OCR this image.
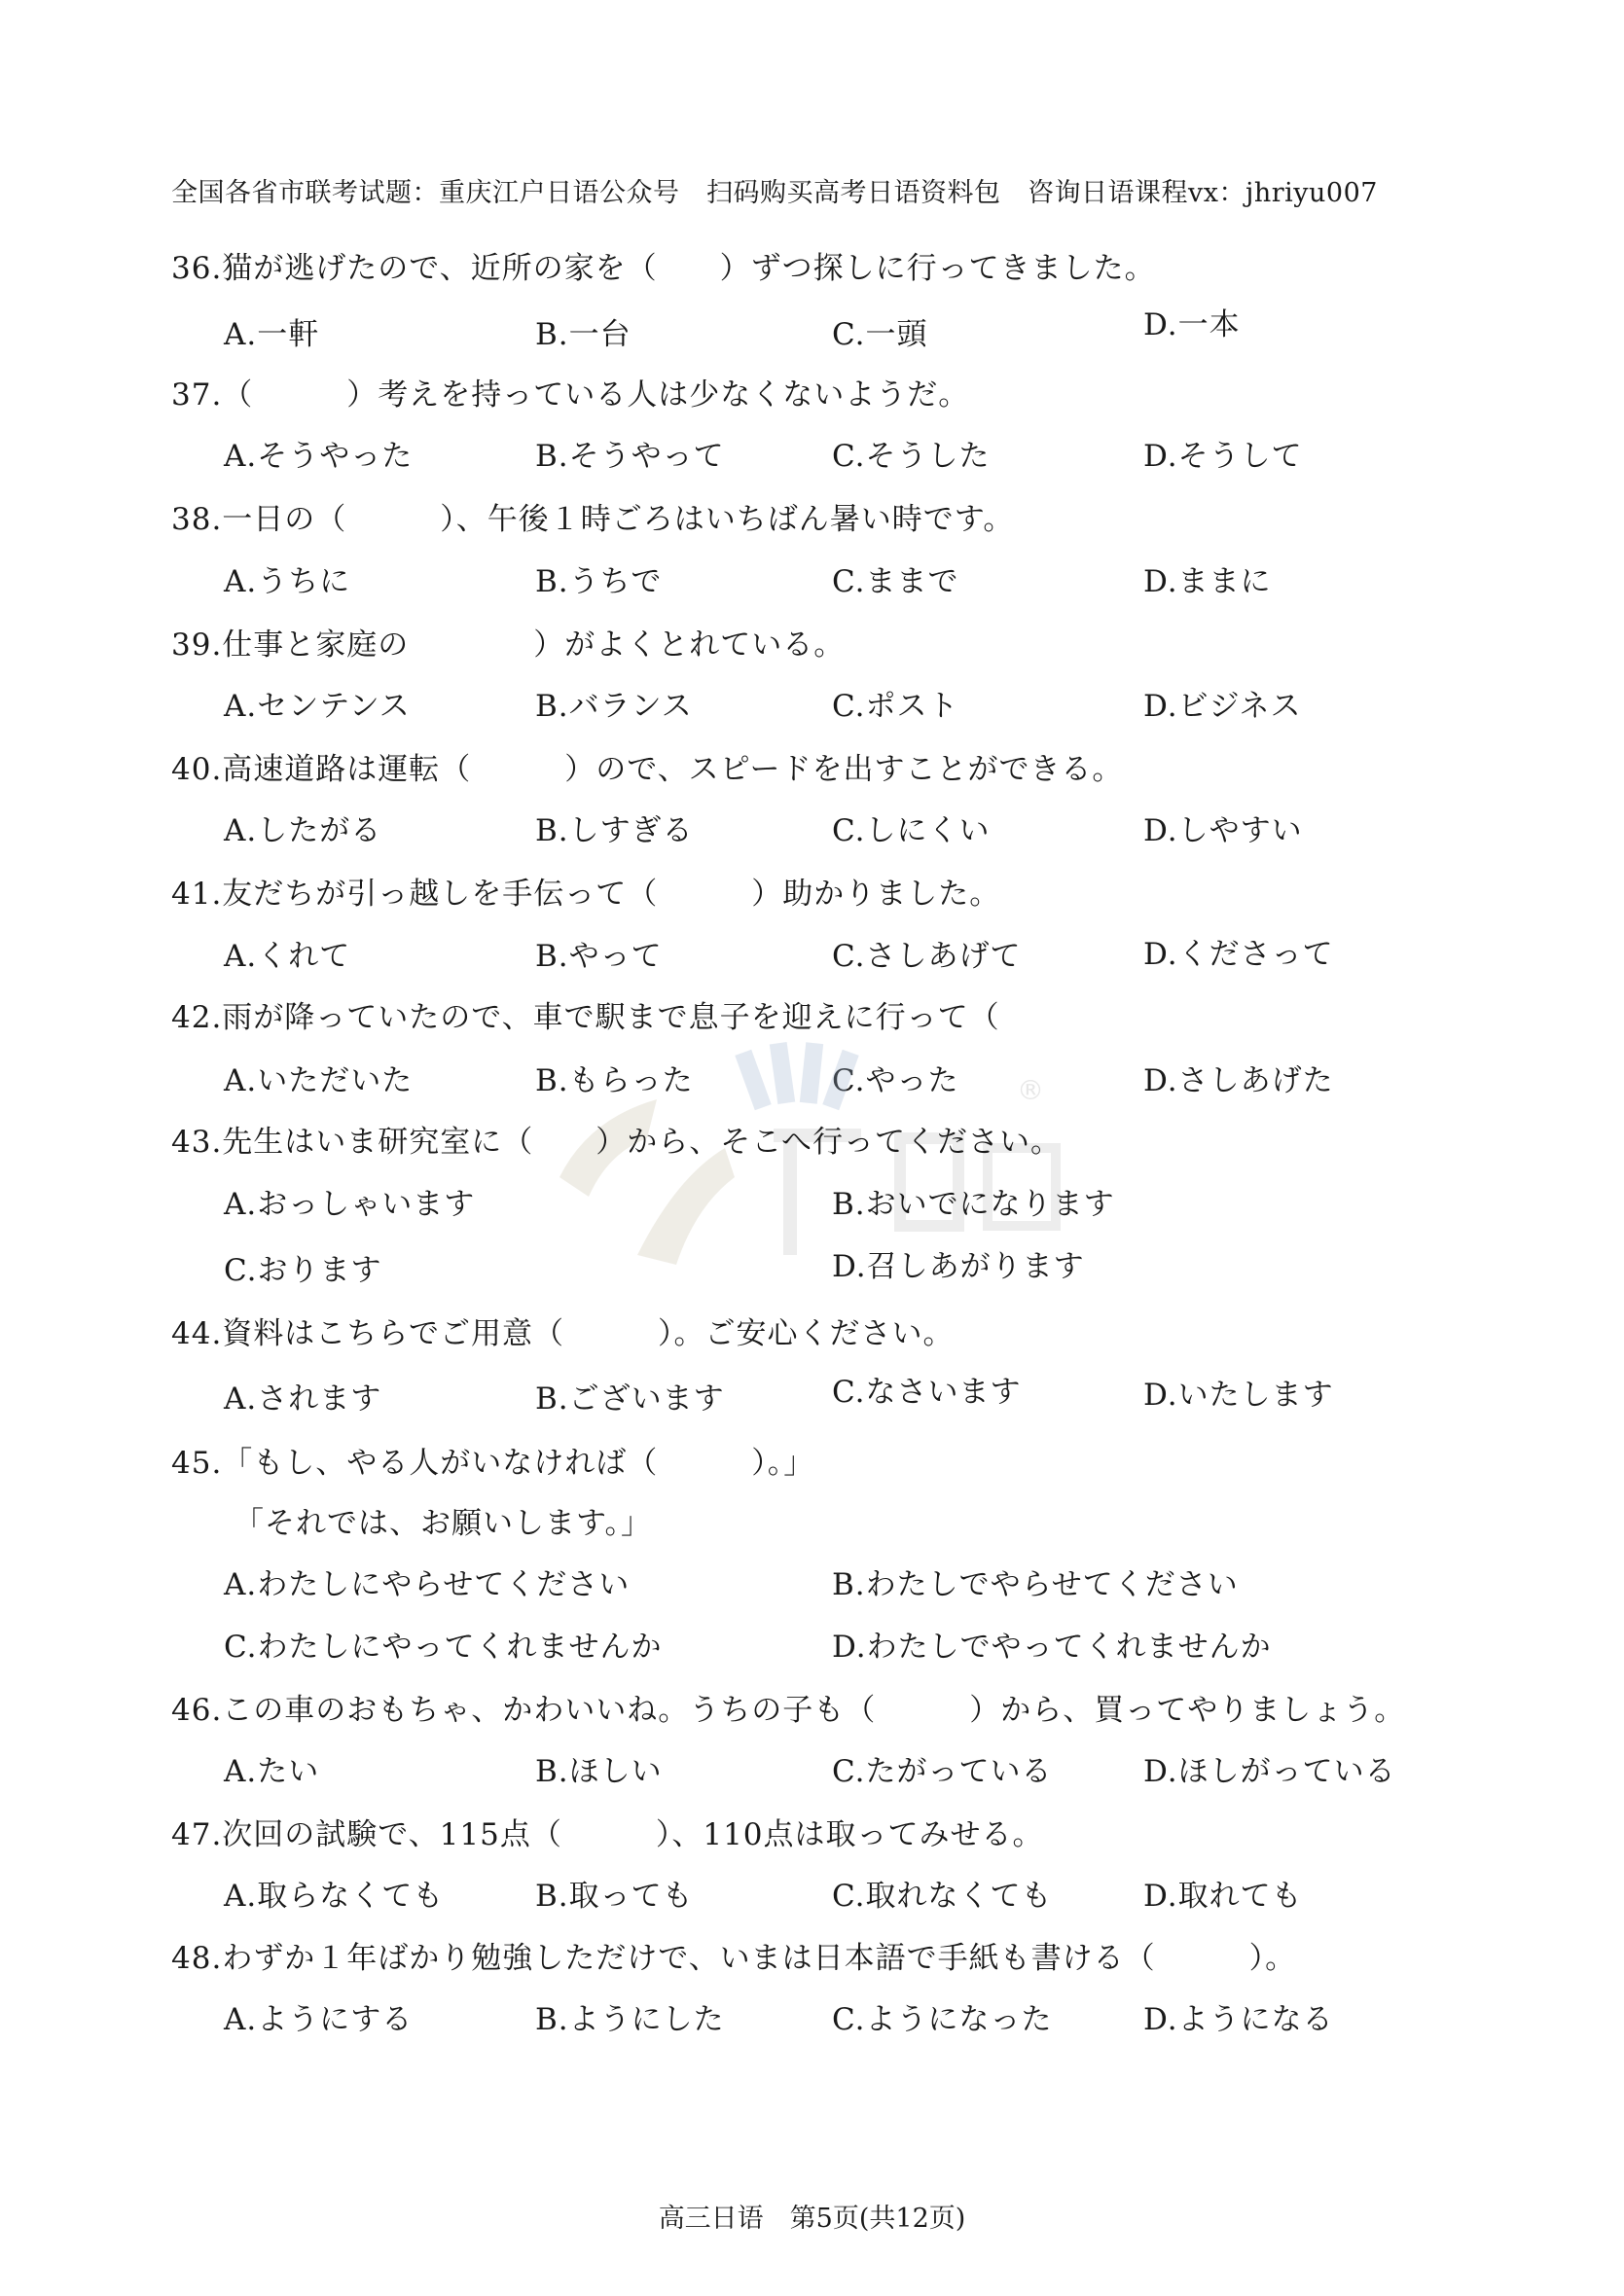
全国各省市联考试题：重庆江户日语公众号　扫码购买高考日语资料包　咨询日语课程vx：jhriyu007
36.猫が逃げたので、近所の家を（　　）ずつ探しに行ってきました。
A.一軒	B.一台	C.一頭	D.一本
37.（　　　）考えを持っている人は少なくないようだ。
A.そうやった	B.そうやって	C.そうした	D.そうして
38.一日の（　　　）、午後１時ごろはいちばん暑い時です。
A.うちに	B.うちで	C.ままで	D.ままに
39.仕事と家庭の　　　　）がよくとれている。
A.センテンス	B.バランス	C.ポスト	D.ビジネス
40.高速道路は運転（　　　）ので、スピードを出すことができる。
A.したがる	B.しすぎる	C.しにくい	D.しやすい
41.友だちが引っ越しを手伝って（　　　）助かりました。
A.くれて	B.やって	C.さしあげて	D.くださって
42.雨が降っていたので、車で駅まで息子を迎えに行って（
A.いただいた	B.もらった	C.やった	D.さしあげた
®
43.先生はいま研究室に（　　）から、そこへ行ってください。
A.おっしゃいます	B.おいでになります
C.おります	D.召しあがります
44.資料はこちらでご用意（　　　）。ご安心ください。
A.されます	B.ございます	C.なさいます	D.いたします
45.「もし、やる人がいなければ（　　　）。」
「それでは、お願いします。」
A.わたしにやらせてください	B.わたしでやらせてください
C.わたしにやってくれませんか	D.わたしでやってくれませんか
46.この車のおもちゃ、かわいいね。うちの子も（　　　）から、買ってやりましょう。
A.たい	B.ほしい	C.たがっている	D.ほしがっている
47.次回の試験で、115点（　　　）、110点は取ってみせる。
A.取らなくても	B.取っても	C.取れなくても	D.取れても
48.わずか１年ばかり勉強しただけで、いまは日本語で手紙も書ける（　　　）。
A.ようにする	B.ようにした	C.ようになった	D.ようになる
高三日语　第5页(共12页)
